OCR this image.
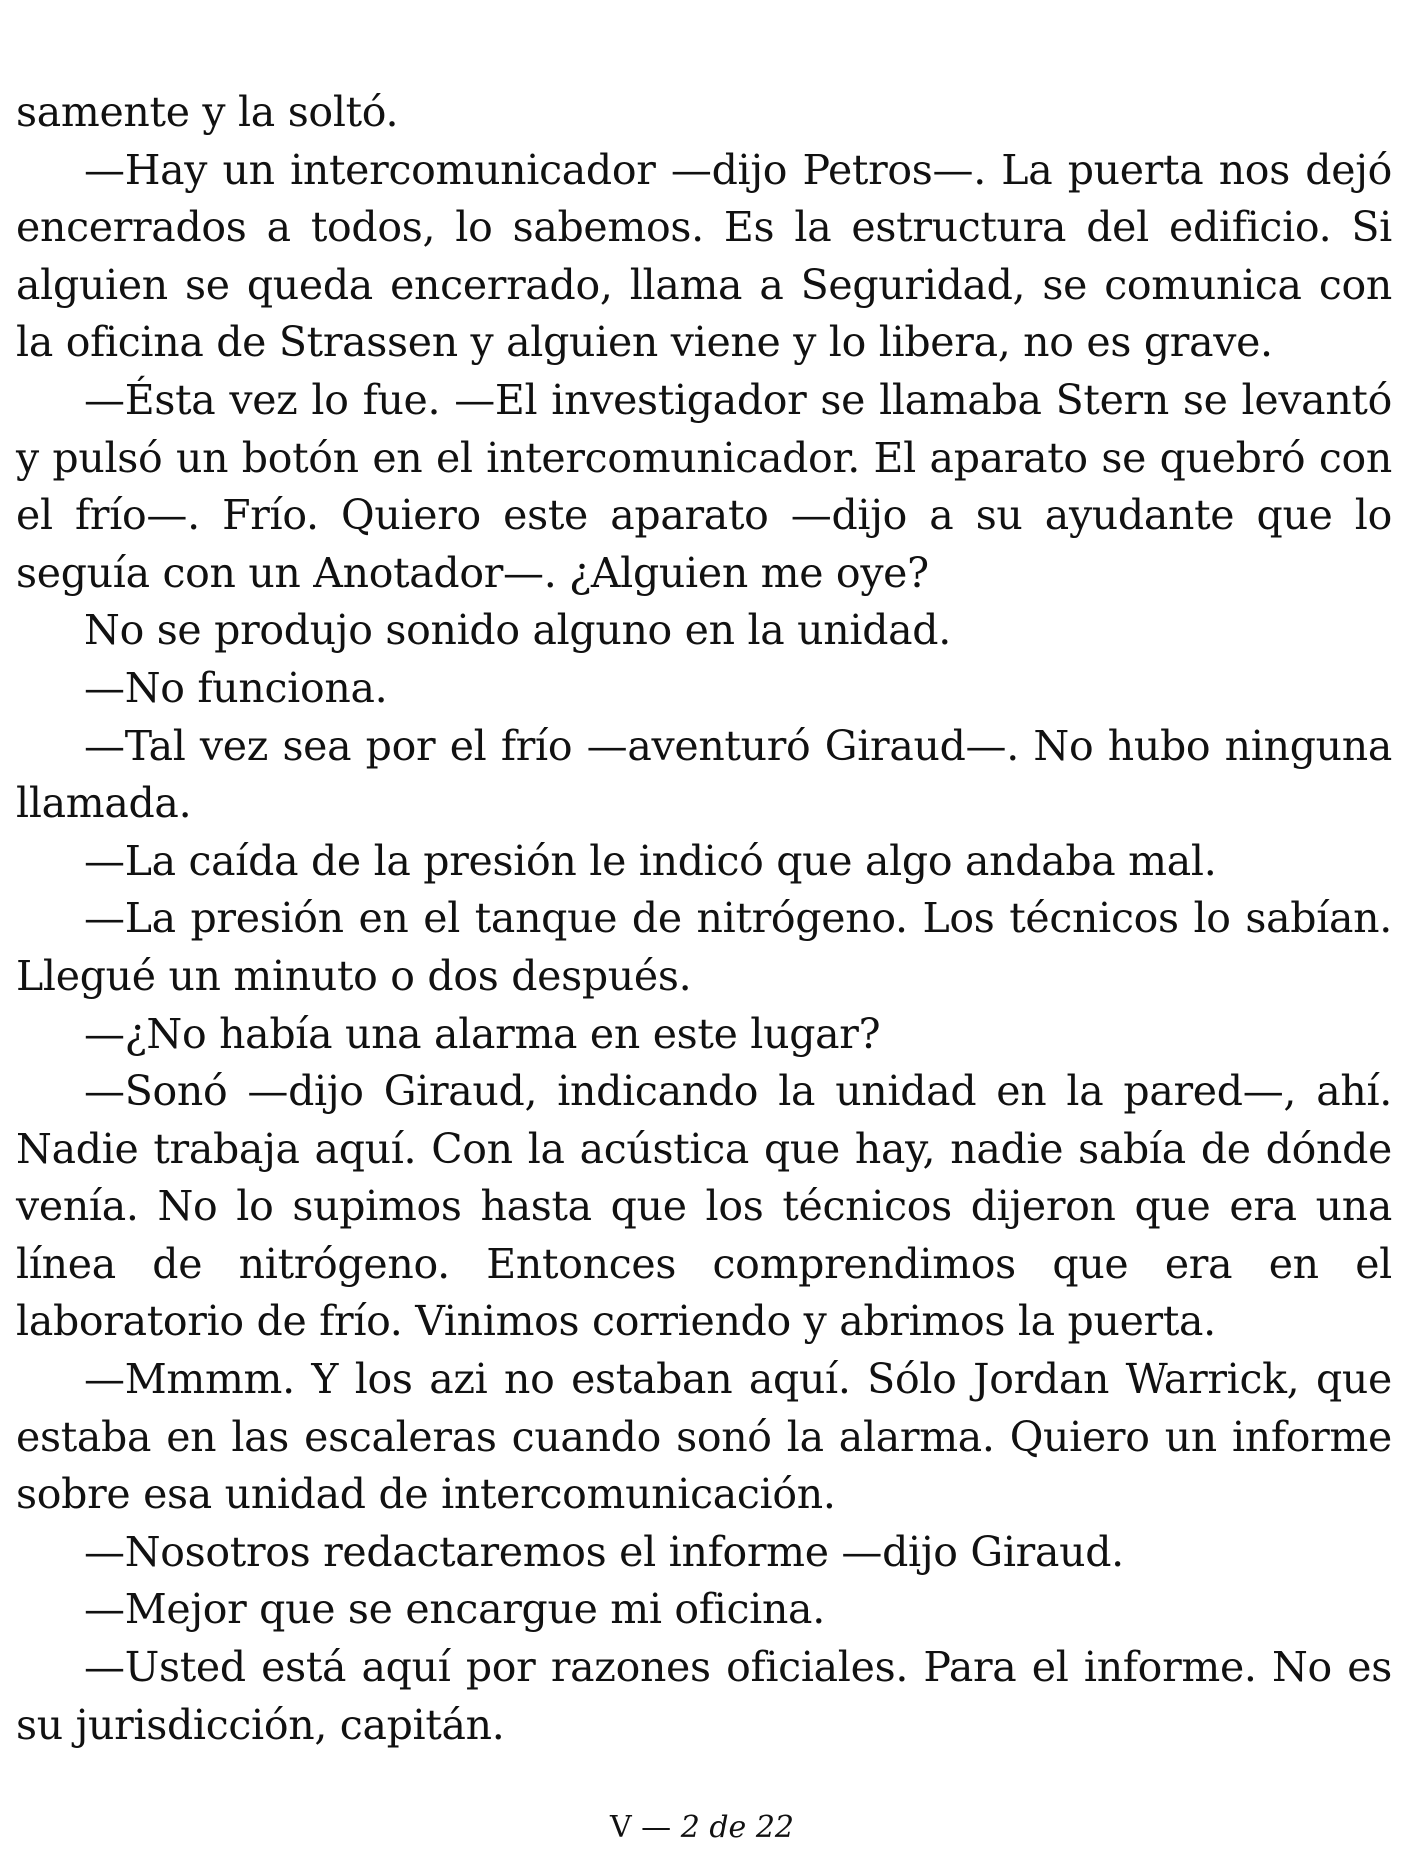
samente y la soltó.

—Hay un intercomunicador —dijo Petros—. La puerta nos dejó encerrados a todos, lo sabemos. Es la estructura del edificio. Si alguien se queda encerrado, llama a Seguridad, se comunica con la oficina de Strassen y alguien viene y lo libera, no es grave.

—Ésta vez lo fue. —El investigador se llamaba Stern se levantó y pulsó un botón en el intercomunicador. El aparato se quebró con el frío—. Frío. Quiero este aparato —dijo a su ayudante que lo seguía con un Anotador—. ¿Alguien me oye?

No se produjo sonido alguno en la unidad.

—No funciona.

—Tal vez sea por el frío —aventuró Giraud—. No hubo ninguna llamada.

—La caída de la presión le indicó que algo andaba mal.

—La presión en el tanque de nitrógeno. Los técnicos lo sabían. Llegué un minuto o dos después.

—¿No había una alarma en este lugar?

—Sonó —dijo Giraud, indicando la unidad en la pared—, ahí. Nadie trabaja aquí. Con la acústica que hay, nadie sabía de dónde venía. No lo supimos hasta que los técnicos dijeron que era una línea de nitrógeno. Entonces comprendimos que era en el laboratorio de frío. Vinimos corriendo y abrimos la puerta.

—Mmmm. Y los azi no estaban aquí. Sólo Jordan Warrick, que estaba en las escaleras cuando sonó la alarma. Quiero un informe sobre esa unidad de intercomunicación.

—Nosotros redactaremos el informe —dijo Giraud.

—Mejor que se encargue mi oficina.

—Usted está aquí por razones oficiales. Para el informe. No es su jurisdicción, capitán.

V — 2 de 22
